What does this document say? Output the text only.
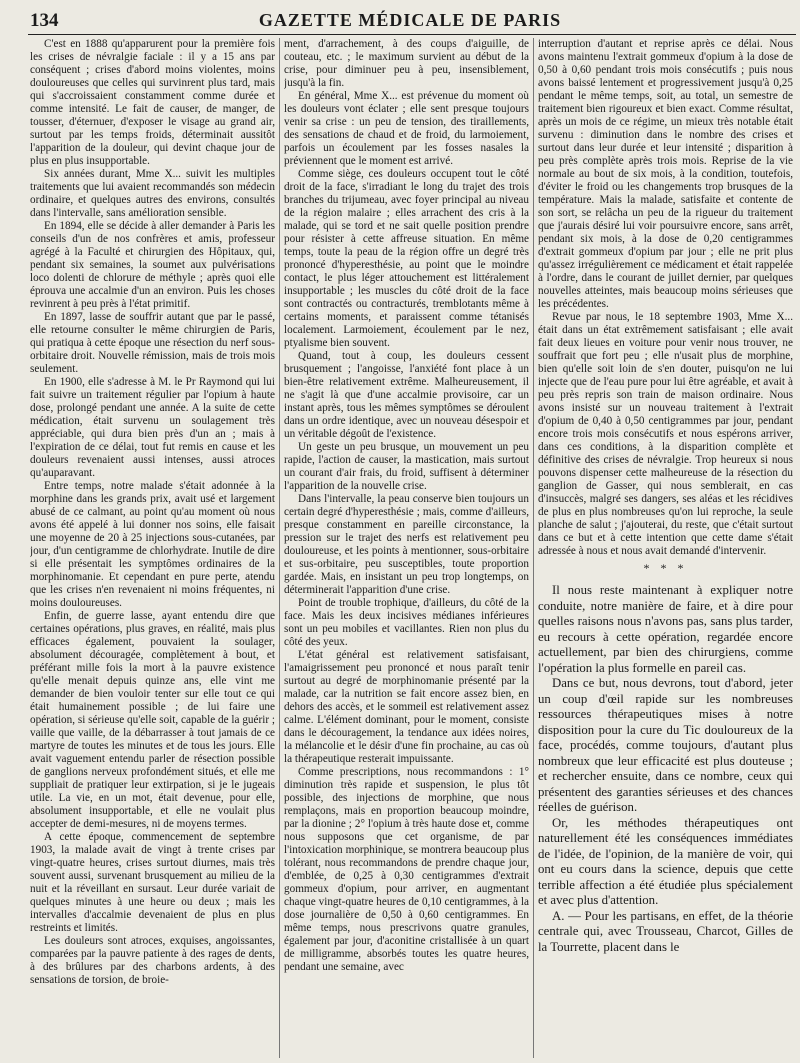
134	GAZETTE MÉDICALE DE PARIS

C'est en 1888 qu'apparurent pour la première fois les crises de névralgie faciale : il y a 15 ans par conséquent ; crises d'abord moins violentes, moins douloureuses que celles qui survinrent plus tard, mais qui s'accroissaient constamment comme durée et comme intensité. Le fait de causer, de manger, de tousser, d'éternuer, d'exposer le visage au grand air, surtout par les temps froids, déterminait aussitôt l'apparition de la douleur, qui devint chaque jour de plus en plus insupportable.

Six années durant, Mme X... suivit les multiples traitements que lui avaient recommandés son médecin ordinaire, et quelques autres des environs, consultés dans l'intervalle, sans amélioration sensible.

En 1894, elle se décide à aller demander à Paris les conseils d'un de nos confrères et amis, professeur agrégé à la Faculté et chirurgien des Hôpitaux, qui, pendant six semaines, la soumet aux pulvérisations loco dolenti de chlorure de méthyle ; après quoi elle éprouva une accalmie d'un an environ. Puis les choses revinrent à peu près à l'état primitif.

En 1897, lasse de souffrir autant que par le passé, elle retourne consulter le même chirurgien de Paris, qui pratiqua à cette époque une résection du nerf sous-orbitaire droit. Nouvelle rémission, mais de trois mois seulement.

En 1900, elle s'adresse à M. le Pr Raymond qui lui fait suivre un traitement régulier par l'opium à haute dose, prolongé pendant une année. A la suite de cette médication, était survenu un soulagement très appréciable, qui dura bien près d'un an ; mais à l'expiration de ce délai, tout fut remis en cause et les douleurs revenaient aussi intenses, aussi atroces qu'auparavant.

Entre temps, notre malade s'était adonnée à la morphine dans les grands prix, avait usé et largement abusé de ce calmant, au point qu'au moment où nous avons été appelé à lui donner nos soins, elle faisait une moyenne de 20 à 25 injections sous-cutanées, par jour, d'un centigramme de chlorhydrate. Inutile de dire si elle présentait les symptômes ordinaires de la morphinomanie. Et cependant en pure perte, atendu que les crises n'en revenaient ni moins fréquentes, ni moins douloureuses.

Enfin, de guerre lasse, ayant entendu dire que certaines opérations, plus graves, en réalité, mais plus efficaces également, pouvaient la soulager, absolument découragée, complètement à bout, et préférant mille fois la mort à la pauvre existence qu'elle menait depuis quinze ans, elle vint me demander de bien vouloir tenter sur elle tout ce qui était humainement possible ; de lui faire une opération, si sérieuse qu'elle soit, capable de la guérir ; vaille que vaille, de la débarrasser à tout jamais de ce martyre de toutes les minutes et de tous les jours. Elle avait vaguement entendu parler de résection possible de ganglions nerveux profondément situés, et elle me suppliait de pratiquer leur extirpation, si je le jugeais utile. La vie, en un mot, était devenue, pour elle, absolument insupportable, et elle ne voulait plus accepter de demi-mesures, ni de moyens termes.

A cette époque, commencement de septembre 1903, la malade avait de vingt à trente crises par vingt-quatre heures, crises surtout diurnes, mais très souvent aussi, survenant brusquement au milieu de la nuit et la réveillant en sursaut. Leur durée variait de quelques minutes à une heure ou deux ; mais les intervalles d'accalmie devenaient de plus en plus restreints et limités.

Les douleurs sont atroces, exquises, angoissantes, comparées par la pauvre patiente à des rages de dents, à des brûlures par des charbons ardents, à des sensations de torsion, de broie-

ment, d'arrachement, à des coups d'aiguille, de couteau, etc. ; le maximum survient au début de la crise, pour diminuer peu à peu, insensiblement, jusqu'à la fin.

En général, Mme X... est prévenue du moment où les douleurs vont éclater ; elle sent presque toujours venir sa crise : un peu de tension, des tiraillements, des sensations de chaud et de froid, du larmoiement, parfois un écoulement par les fosses nasales la préviennent que le moment est arrivé.

Comme siège, ces douleurs occupent tout le côté droit de la face, s'irradiant le long du trajet des trois branches du trijumeau, avec foyer principal au niveau de la région malaire ; elles arrachent des cris à la malade, qui se tord et ne sait quelle position prendre pour résister à cette affreuse situation. En même temps, toute la peau de la région offre un degré très prononcé d'hyperesthésie, au point que le moindre contact, le plus léger attouchement est littéralement insupportable ; les muscles du côté droit de la face sont contractés ou contracturés, tremblotants même à certains moments, et paraissent comme tétanisés localement. Larmoiement, écoulement par le nez, ptyalisme bien souvent.

Quand, tout à coup, les douleurs cessent brusquement ; l'angoisse, l'anxiété font place à un bien-être relativement extrême. Malheureusement, il ne s'agit là que d'une accalmie provisoire, car un instant après, tous les mêmes symptômes se déroulent dans un ordre identique, avec un nouveau désespoir et un véritable dégoût de l'existence.

Un geste un peu brusque, un mouvement un peu rapide, l'action de causer, la mastication, mais surtout un courant d'air frais, du froid, suffisent à déterminer l'apparition de la nouvelle crise.

Dans l'intervalle, la peau conserve bien toujours un certain degré d'hyperesthésie ; mais, comme d'ailleurs, presque constamment en pareille circonstance, la pression sur le trajet des nerfs est relativement peu douloureuse, et les points à mentionner, sous-orbitaire et sus-orbitaire, peu susceptibles, toute proportion gardée. Mais, en insistant un peu trop longtemps, on déterminerait l'apparition d'une crise.

Point de trouble trophique, d'ailleurs, du côté de la face. Mais les deux incisives médianes inférieures sont un peu mobiles et vacillantes. Rien non plus du côté des yeux.

L'état général est relativement satisfaisant, l'amaigrissement peu prononcé et nous paraît tenir surtout au degré de morphinomanie présenté par la malade, car la nutrition se fait encore assez bien, en dehors des accès, et le sommeil est relativement assez calme. L'élément dominant, pour le moment, consiste dans le découragement, la tendance aux idées noires, la mélancolie et le désir d'une fin prochaine, au cas où la thérapeutique resterait impuissante.

Comme prescriptions, nous recommandons : 1° diminution très rapide et suspension, le plus tôt possible, des injections de morphine, que nous remplaçons, mais en proportion beaucoup moindre, par la dionine ; 2° l'opium à très haute dose et, comme nous supposons que cet organisme, de par l'intoxication morphinique, se montrera beaucoup plus tolérant, nous recommandons de prendre chaque jour, d'emblée, de 0,25 à 0,30 centigrammes d'extrait gommeux d'opium, pour arriver, en augmentant chaque vingt-quatre heures de 0,10 centigrammes, à la dose journalière de 0,50 à 0,60 centigrammes. En même temps, nous prescrivons quatre granules, également par jour, d'aconitine cristallisée à un quart de milligramme, absorbés toutes les quatre heures, pendant une semaine, avec

interruption d'autant et reprise après ce délai. Nous avons maintenu l'extrait gommeux d'opium à la dose de 0,50 à 0,60 pendant trois mois consécutifs ; puis nous avons baissé lentement et progressivement jusqu'à 0,25 pendant le même temps, soit, au total, un semestre de traitement bien rigoureux et bien exact. Comme résultat, après un mois de ce régime, un mieux très notable était survenu : diminution dans le nombre des crises et surtout dans leur durée et leur intensité ; disparition à peu près complète après trois mois. Reprise de la vie normale au bout de six mois, à la condition, toutefois, d'éviter le froid ou les changements trop brusques de la température. Mais la malade, satisfaite et contente de son sort, se relâcha un peu de la rigueur du traitement que j'aurais désiré lui voir poursuivre encore, sans arrêt, pendant six mois, à la dose de 0,20 centigrammes d'extrait gommeux d'opium par jour ; elle ne prit plus qu'assez irrégulièrement ce médicament et était rappelée à l'ordre, dans le courant de juillet dernier, par quelques nouvelles atteintes, mais beaucoup moins sérieuses que les précédentes.

Revue par nous, le 18 septembre 1903, Mme X... était dans un état extrêmement satisfaisant ; elle avait fait deux lieues en voiture pour venir nous trouver, ne souffrait que fort peu ; elle n'usait plus de morphine, bien qu'elle soit loin de s'en douter, puisqu'on ne lui injecte que de l'eau pure pour lui être agréable, et avait à peu près repris son train de maison ordinaire. Nous avons insisté sur un nouveau traitement à l'extrait d'opium de 0,40 à 0,50 centigrammes par jour, pendant encore trois mois consécutifs et nous espérons arriver, dans ces conditions, à la disparition complète et définitive des crises de névralgie. Trop heureux si nous pouvons dispenser cette malheureuse de la résection du ganglion de Gasser, qui nous semblerait, en cas d'insuccès, malgré ses dangers, ses aléas et les récidives de plus en plus nombreuses qu'on lui reproche, la seule planche de salut ; j'ajouterai, du reste, que c'était surtout dans ce but et à cette intention que cette dame s'était adressée à nous et nous avait demandé d'intervenir.

* * *

Il nous reste maintenant à expliquer notre conduite, notre manière de faire, et à dire pour quelles raisons nous n'avons pas, sans plus tarder, eu recours à cette opération, regardée encore actuellement, par bien des chirurgiens, comme l'opération la plus formelle en pareil cas.

Dans ce but, nous devrons, tout d'abord, jeter un coup d'œil rapide sur les nombreuses ressources thérapeutiques mises à notre disposition pour la cure du Tic douloureux de la face, procédés, comme toujours, d'autant plus nombreux que leur efficacité est plus douteuse ; et rechercher ensuite, dans ce nombre, ceux qui présentent des garanties sérieuses et des chances réelles de guérison.

Or, les méthodes thérapeutiques ont naturellement été les conséquences immédiates de l'idée, de l'opinion, de la manière de voir, qui ont eu cours dans la science, depuis que cette terrible affection a été étudiée plus spécialement et avec plus d'attention.

A. — Pour les partisans, en effet, de la théorie centrale qui, avec Trousseau, Charcot, Gilles de la Tourrette, placent dans le
